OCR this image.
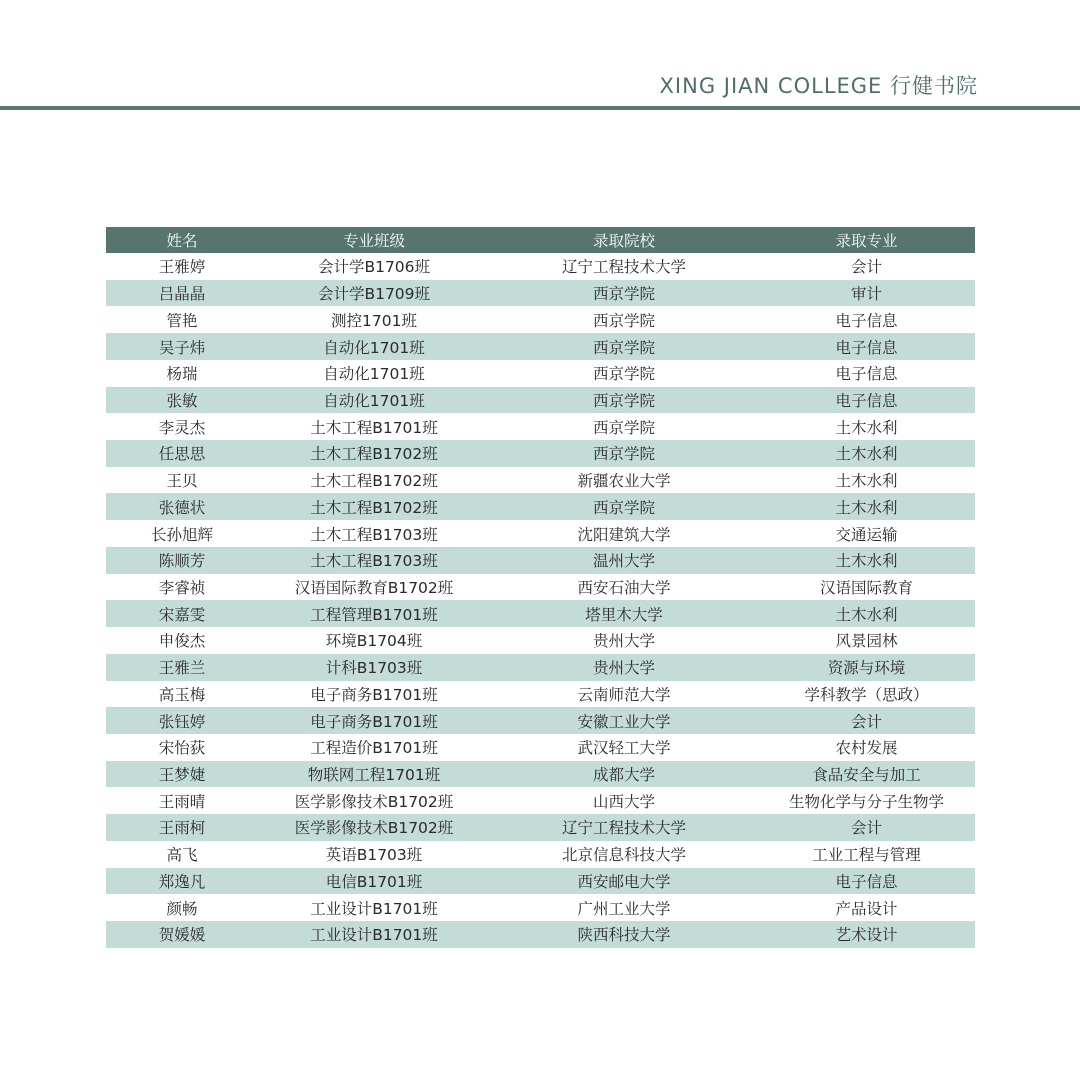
XING JIAN COLLEGE 行健书院
姓名	专业班级	录取院校	录取专业
王雅婷	会计学B1706班	辽宁工程技术大学	会计
吕晶晶	会计学B1709班	西京学院	审计
管艳	测控1701班	西京学院	电子信息
吴子炜	自动化1701班	西京学院	电子信息
杨瑞	自动化1701班	西京学院	电子信息
张敏	自动化1701班	西京学院	电子信息
李灵杰	土木工程B1701班	西京学院	土木水利
任思思	土木工程B1702班	西京学院	土木水利
王贝	土木工程B1702班	新疆农业大学	土木水利
张德状	土木工程B1702班	西京学院	土木水利
长孙旭辉	土木工程B1703班	沈阳建筑大学	交通运输
陈顺芳	土木工程B1703班	温州大学	土木水利
李睿祯	汉语国际教育B1702班	西安石油大学	汉语国际教育
宋嘉雯	工程管理B1701班	塔里木大学	土木水利
申俊杰	环境B1704班	贵州大学	风景园林
王雅兰	计科B1703班	贵州大学	资源与环境
高玉梅	电子商务B1701班	云南师范大学	学科教学（思政）
张钰婷	电子商务B1701班	安徽工业大学	会计
宋怡荻	工程造价B1701班	武汉轻工大学	农村发展
王梦婕	物联网工程1701班	成都大学	食品安全与加工
王雨晴	医学影像技术B1702班	山西大学	生物化学与分子生物学
王雨柯	医学影像技术B1702班	辽宁工程技术大学	会计
高飞	英语B1703班	北京信息科技大学	工业工程与管理
郑逸凡	电信B1701班	西安邮电大学	电子信息
颜畅	工业设计B1701班	广州工业大学	产品设计
贺媛媛	工业设计B1701班	陕西科技大学	艺术设计
